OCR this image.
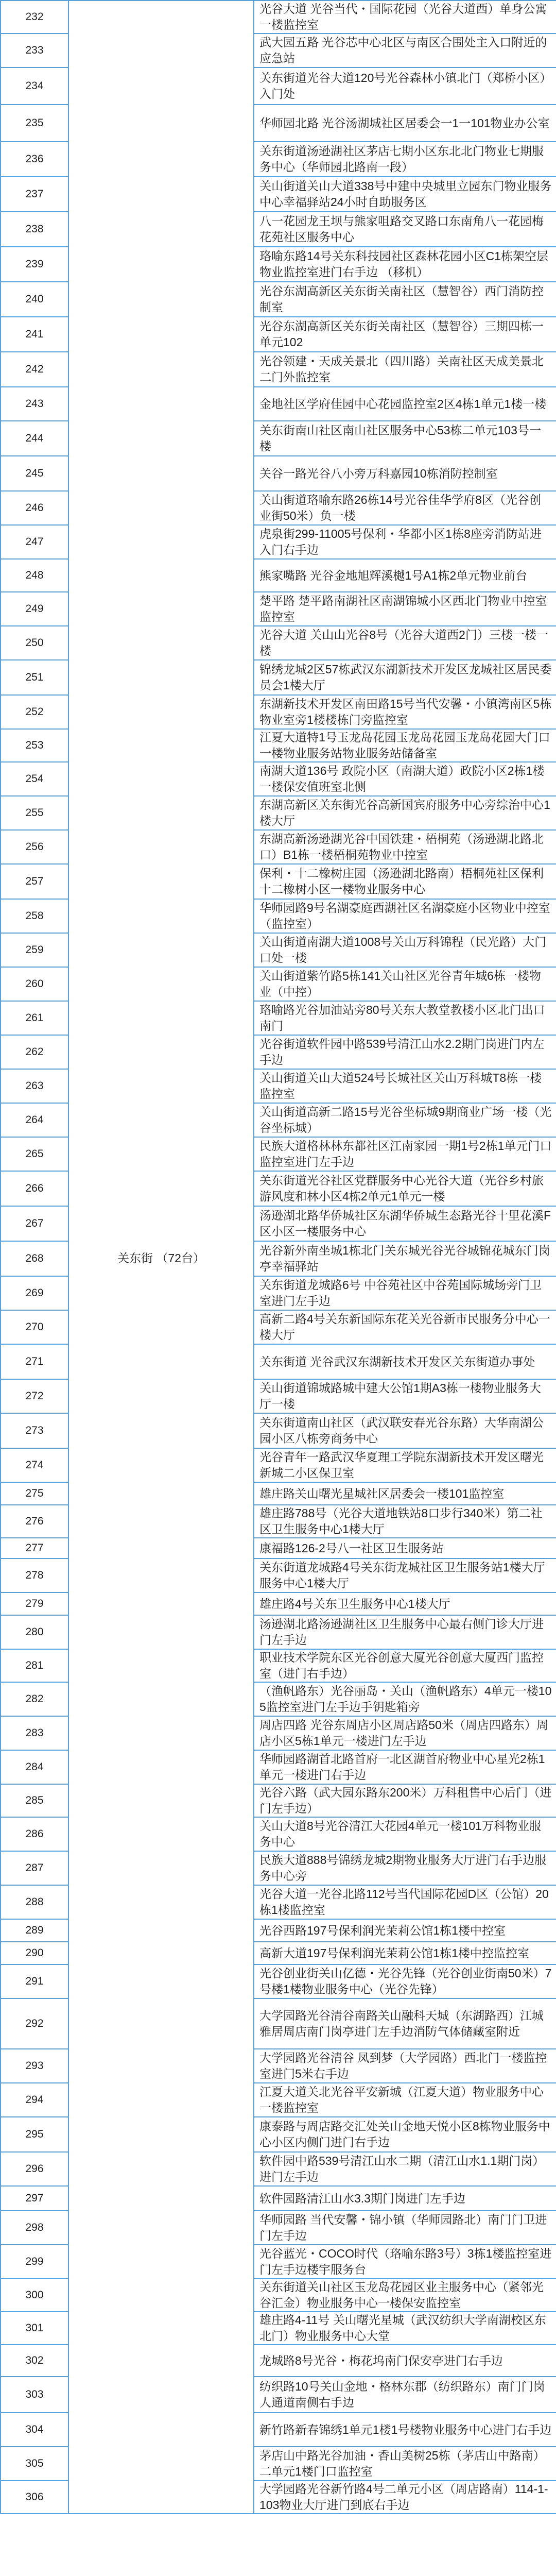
232	关东街 （72台）	光谷大道 光谷当代・国际花园（光谷大道西）单身公寓一楼监控室
233		武大园五路 光谷芯中心北区与南区合围处主入口附近的应急站
234		关东街道光谷大道120号光谷森林小镇北门（郑桥小区）入门处
235		华师园北路 光谷汤湖城社区居委会一1一101物业办公室
236		关东街道汤逊湖社区茅店七期小区东北北门物业七期服务中心（华师园北路南一段）
237		关山街道关山大道338号中建中央城里立园东门物业服务中心幸福驿站24小时自助服务区
238		八一花园龙王坝与熊家咀路交叉路口东南角八一花园梅花苑社区服务中心
239		珞喻东路14号关东科技园社区森林花园小区C1栋架空层物业监控室进门右手边 （移机）
240		光谷东湖高新区关东街关南社区（慧智谷）西门消防控制室
241		光谷东湖高新区关东街关南社区（慧智谷）三期四栋一单元102
242		光谷领建・天成关景北（四川路）关南社区天成美景北二门外监控室
243		金地社区学府佳园中心花园监控室2区4栋1单元1楼一楼
244		关东街南山社区南山社区服务中心53栋二单元103号一楼
245		关谷一路光谷八小旁万科嘉园10栋消防控制室
246		关山街道珞喻东路26栋14号光谷佳华学府8区（光谷创业街50米）负一楼
247		虎泉街299-11005号保利・华都小区1栋8座旁消防站进入门右手边
248		熊家嘴路 光谷金地旭辉溪樾1号A1栋2单元物业前台
249		楚平路 楚平路南湖社区南湖锦城小区西北门物业中控室监控室
250		光谷大道 关山山光谷8号（光谷大道西2门）三楼一楼一楼
251		锦绣龙城2区57栋武汉东湖新技术开发区龙城社区居民委员会1楼大厅
252		东湖新技术开发区南田路15号当代安馨・小镇湾南区5栋物业室旁1楼楼栋门旁监控室
253		江夏大道特1号玉龙岛花园玉龙岛花园玉龙岛花园大门口一楼物业服务站物业服务站储备室
254		南湖大道136号 政院小区（南湖大道）政院小区2栋1楼一楼保安值班室北侧
255		东湖高新区关东街光谷高新国宾府服务中心旁综治中心1楼大厅
256		东湖高新汤逊湖光谷中国铁建・梧桐苑（汤逊湖北路北口）B1栋一楼梧桐苑物业中控室
257		保利・十二橡树庄园（汤逊湖北路南）梧桐苑社区保利十二橡树小区一楼物业服务中心
258		华师园路9号名湖豪庭西湖社区名湖豪庭小区物业中控室（监控室）
259		关山街道南湖大道1008号关山万科锦程（民光路）大门口处一楼
260		关山街道紫竹路5栋141关山社区光谷青年城6栋一楼物业（中控）
261		珞喻路光谷加油站旁80号关东大教堂教楼小区北门出口南门
262		光谷街道软件园中路539号清江山水2.2期门岗进门内左手边
263		关山街道关山大道524号长城社区关山万科城T8栋一楼监控室
264		关山街道高新二路15号光谷坐标城9期商业广场一楼（光谷坐标城）
265		民族大道格林林东都社区江南家园一期1号2栋1单元门口监控室进门左手边
266		关东街道光谷社区党群服务中心光谷大道（光谷乡村旅游风度和林小区4栋2单元1单元一楼
267		汤逊湖北路华侨城社区东湖华侨城生态路光谷十里花溪F区小区一楼服务中心
268		光谷新外南坐城1栋北门关东城光谷光谷城锦花城东门岗亭幸福驿站
269		关东街道龙城路6号 中谷苑社区中谷苑国际城场旁门卫室进门左手边
270		高新二路4号关东新国际东花关光谷新市民服务分中心一楼大厅
271		关东街道 光谷武汉东湖新技术开发区关东街道办事处
272		关山街道锦城路城中建大公馆1期A3栋一楼物业服务大厅一楼
273		关东街道南山社区（武汉联安春光谷东路）大华南湖公园小区八栋旁商务中心
274		光谷青年一路武汉华夏理工学院东湖新技术开发区曙光新城二小区保卫室
275		雄庄路关山曙光星城社区居委会一楼101监控室
276		雄庄路788号（光谷大道地铁站8口步行340米）第二社区卫生服务中心1楼大厅
277		康福路126-2号八一社区卫生服务站
278		关东街道龙城路4号关东街龙城社区卫生服务站1楼大厅服务中心1楼大厅
279		雄庄路4号关东卫生服务中心1楼大厅
280		汤逊湖北路汤逊湖社区卫生服务中心最右侧门诊大厅进门左手边
281		职业技术学院东区光谷创意大厦光谷创意大厦西门监控室（进门右手边）
282		（渔帆路东）光谷丽岛・关山（渔帆路东）4单元一楼105监控室进门左手边手钥匙箱旁
283		周店四路 光谷东周店小区周店路50米（周店四路东）周店小区5栋1单元一楼进门左手边
284		华师园路湖首北路首府一北区湖首府物业中心星光2栋1单元一楼进门右手边
285		光谷六路（武大园东路东200米）万科租售中心后门（进门左手边）
286		关山大道8号光谷清江大花园4单元一楼101万科物业服务中心
287		民族大道888号锦绣龙城2期物业服务大厅进门右手边服务中心旁
288		光谷大道一光谷北路112号当代国际花园D区（公馆）20栋1楼监控室
289		光谷西路197号保利润光茉莉公馆1栋1楼中控室
290		高新大道197号保利润光茉莉公馆1栋1楼中控监控室
291		光谷创业街关山亿德・光谷先锋（光谷创业街南50米）7号楼1楼物业服务中心（光谷先锋）
292		大学园路光谷清谷南路关山融科天城（东湖路西）江城雅居周店南门岗亭进门左手边消防气体储藏室附近
293		大学园路光谷清谷 凤到梦（大学园路）西北门一楼监控室进门5米右手边
294		江夏大道关北光谷平安新城（江夏大道）物业服务中心一楼监控室
295		康泰路与周店路交汇处关山金地天悦小区8栋物业服务中心小区内侧门进门右手边
296		软件园中路539号清江山水二期（清江山水1.1期门岗）进门左手边
297		软件园路清江山水3.3期门岗进门左手边
298		华师园路 当代安馨・锦小镇（华师园路北）南门门卫进门左手边
299		光谷蓝光・COCO时代（珞喻东路3号）3栋1楼监控室进门左手边楼宇服务台
300		关东街道关山社区玉龙岛花园区业主服务中心（紧邻光谷汇金）物业服务中心一楼保安监控室
301		雄庄路4-11号 关山曙光星城（武汉纺织大学南湖校区东北门）物业服务中心大堂
302		龙城路8号光谷・梅花坞南门保安亭进门右手边
303		纺织路10号关山金地・格林东郡（纺织路东）南门门岗人通道南侧右手边
304		新竹路新春锦绣1单元1楼1号楼物业服务中心进门右手边
305		茅店山中路光谷加油・香山美树25栋（茅店山中路南）二单元1楼门口监控室
306		大学园路光谷新竹路4号二单元小区（周店路南）114-1-103物业大厅进门到底右手边
